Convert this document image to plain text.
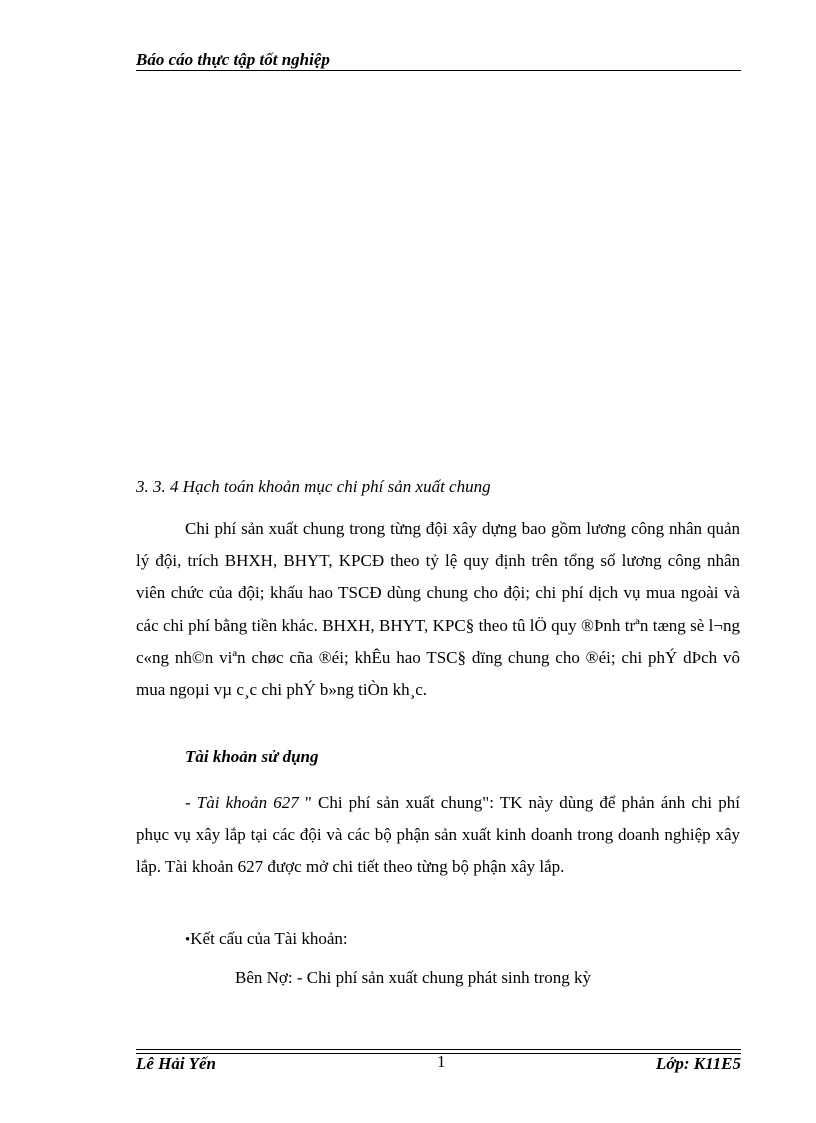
Báo cáo thực tập tốt nghiệp
3. 3. 4 Hạch toán khoản mục chi phí sản xuất chung

Chi phí sản xuất chung trong từng đội xây dựng bao gồm lương công nhân quản lý đội, trích BHXH, BHYT, KPCĐ theo tỷ lệ quy định trên tổng số lương công nhân viên chức của đội; khấu hao TSCĐ dùng chung cho đội; chi phí dịch vụ mua ngoài và các chi phí bằng tiền khác. BHXH, BHYT, KPC§ theo tû lÖ quy ®Þnh trªn tæng sè l¬ng c«ng nh©n viªn chøc cña ®éi; khÊu hao TSC§ dïng chung cho ®éi; chi phÝ dÞch vô mua ngoµi vµ c¸c chi phÝ b»ng tiÒn kh¸c.

Tài khoản sử dụng

- Tài khoản 627 " Chi phí sản xuất chung": TK này dùng để phản ánh chi phí phục vụ xây lắp tại các đội và các bộ phận sản xuất kinh doanh trong doanh nghiệp xây lắp. Tài khoản 627 được mở chi tiết theo từng bộ phận xây lắp.

•Kết cấu của Tài khoản:
Bên Nợ: - Chi phí sản xuất chung phát sinh trong kỳ
Lê Hải Yến	1	Lớp: K11E5
